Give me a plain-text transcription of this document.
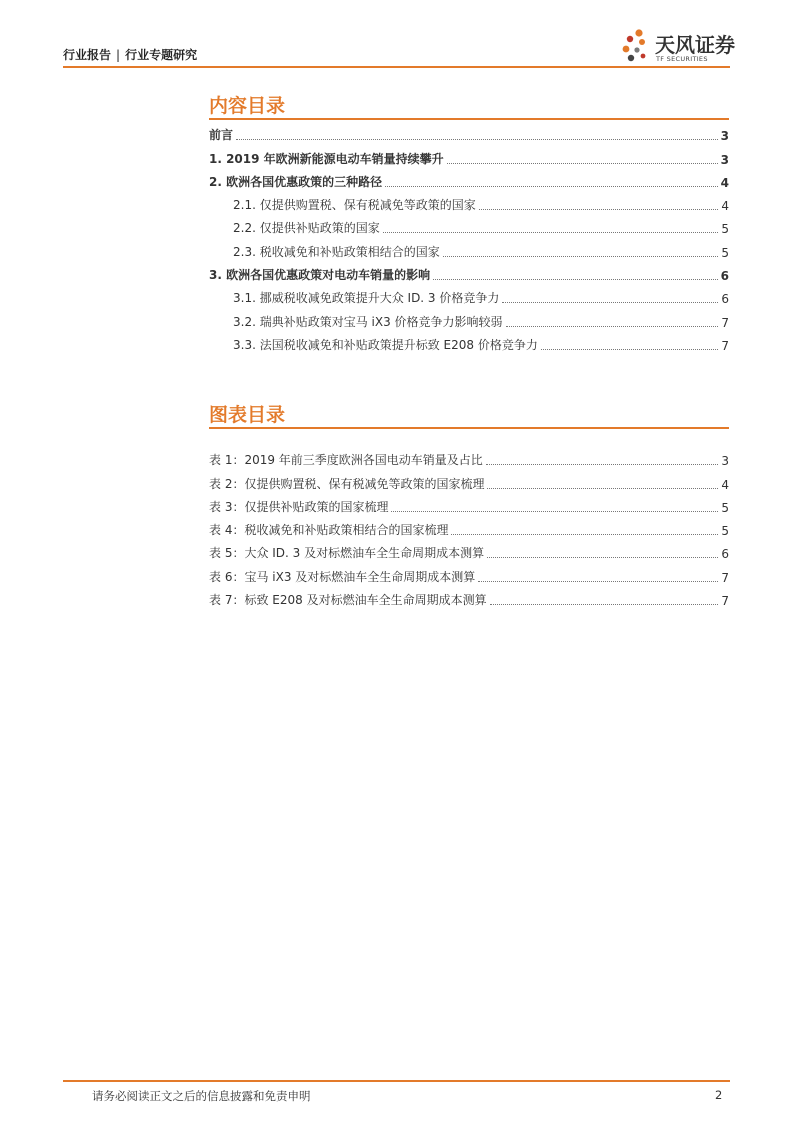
行业报告 | 行业专题研究	天风证券
TF SECURITIES
内容目录
前言	3
1. 2019 年欧洲新能源电动车销量持续攀升	3
2. 欧洲各国优惠政策的三种路径	4
2.1. 仅提供购置税、保有税减免等政策的国家	4
2.2. 仅提供补贴政策的国家	5
2.3. 税收减免和补贴政策相结合的国家	5
3. 欧洲各国优惠政策对电动车销量的影响	6
3.1. 挪威税收减免政策提升大众 ID. 3 价格竞争力	6
3.2. 瑞典补贴政策对宝马 iX3 价格竞争力影响较弱	7
3.3. 法国税收减免和补贴政策提升标致 E208 价格竞争力	7
图表目录
表 1：2019 年前三季度欧洲各国电动车销量及占比	3
表 2：仅提供购置税、保有税减免等政策的国家梳理	4
表 3：仅提供补贴政策的国家梳理	5
表 4：税收减免和补贴政策相结合的国家梳理	5
表 5：大众 ID. 3 及对标燃油车全生命周期成本测算	6
表 6：宝马 iX3 及对标燃油车全生命周期成本测算	7
表 7：标致 E208 及对标燃油车全生命周期成本测算	7
请务必阅读正文之后的信息披露和免责申明	2
